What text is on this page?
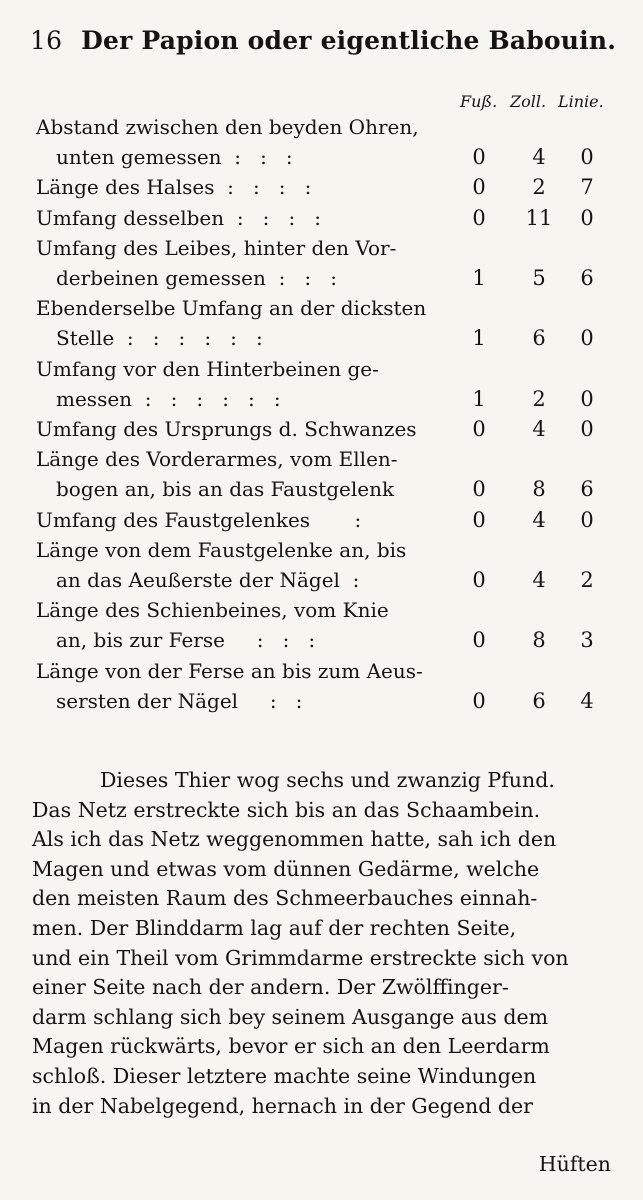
16 Der Papion oder eigentliche Babouin.
Fuß. Zoll. Linie.
Abstand zwischen den beyden Ohren,
unten gemessen  :   :   :	0	4	0
Länge des Halses  :   :   :   :	0	2	7
Umfang desselben  :   :   :   :	0	11	0
Umfang des Leibes, hinter den Vor-
derbeinen gemessen  :   :   :	1	5	6
Ebenderselbe Umfang an der dicksten
Stelle  :   :   :   :   :   :	1	6	0
Umfang vor den Hinterbeinen ge-
messen  :   :   :   :   :   :	1	2	0
Umfang des Ursprungs d. Schwanzes	0	4	0
Länge des Vorderarmes, vom Ellen-
bogen an, bis an das Faustgelenk	0	8	6
Umfang des Faustgelenkes       :	0	4	0
Länge von dem Faustgelenke an, bis
an das Aeußerste der Nägel  :	0	4	2
Länge des Schienbeines, vom Knie
an, bis zur Ferse     :   :   :	0	8	3
Länge von der Ferse an bis zum Aeus-
sersten der Nägel     :   :	0	6	4
Dieses Thier wog sechs und zwanzig Pfund.
Das Netz erstreckte sich bis an das Schaambein.
Als ich das Netz weggenommen hatte, sah ich den
Magen und etwas vom dünnen Gedärme, welche
den meisten Raum des Schmeerbauches einnah-
men. Der Blinddarm lag auf der rechten Seite,
und ein Theil vom Grimmdarme erstreckte sich von
einer Seite nach der andern. Der Zwölffinger-
darm schlang sich bey seinem Ausgange aus dem
Magen rückwärts, bevor er sich an den Leerdarm
schloß. Dieser letztere machte seine Windungen
in der Nabelgegend, hernach in der Gegend der
Hüften
